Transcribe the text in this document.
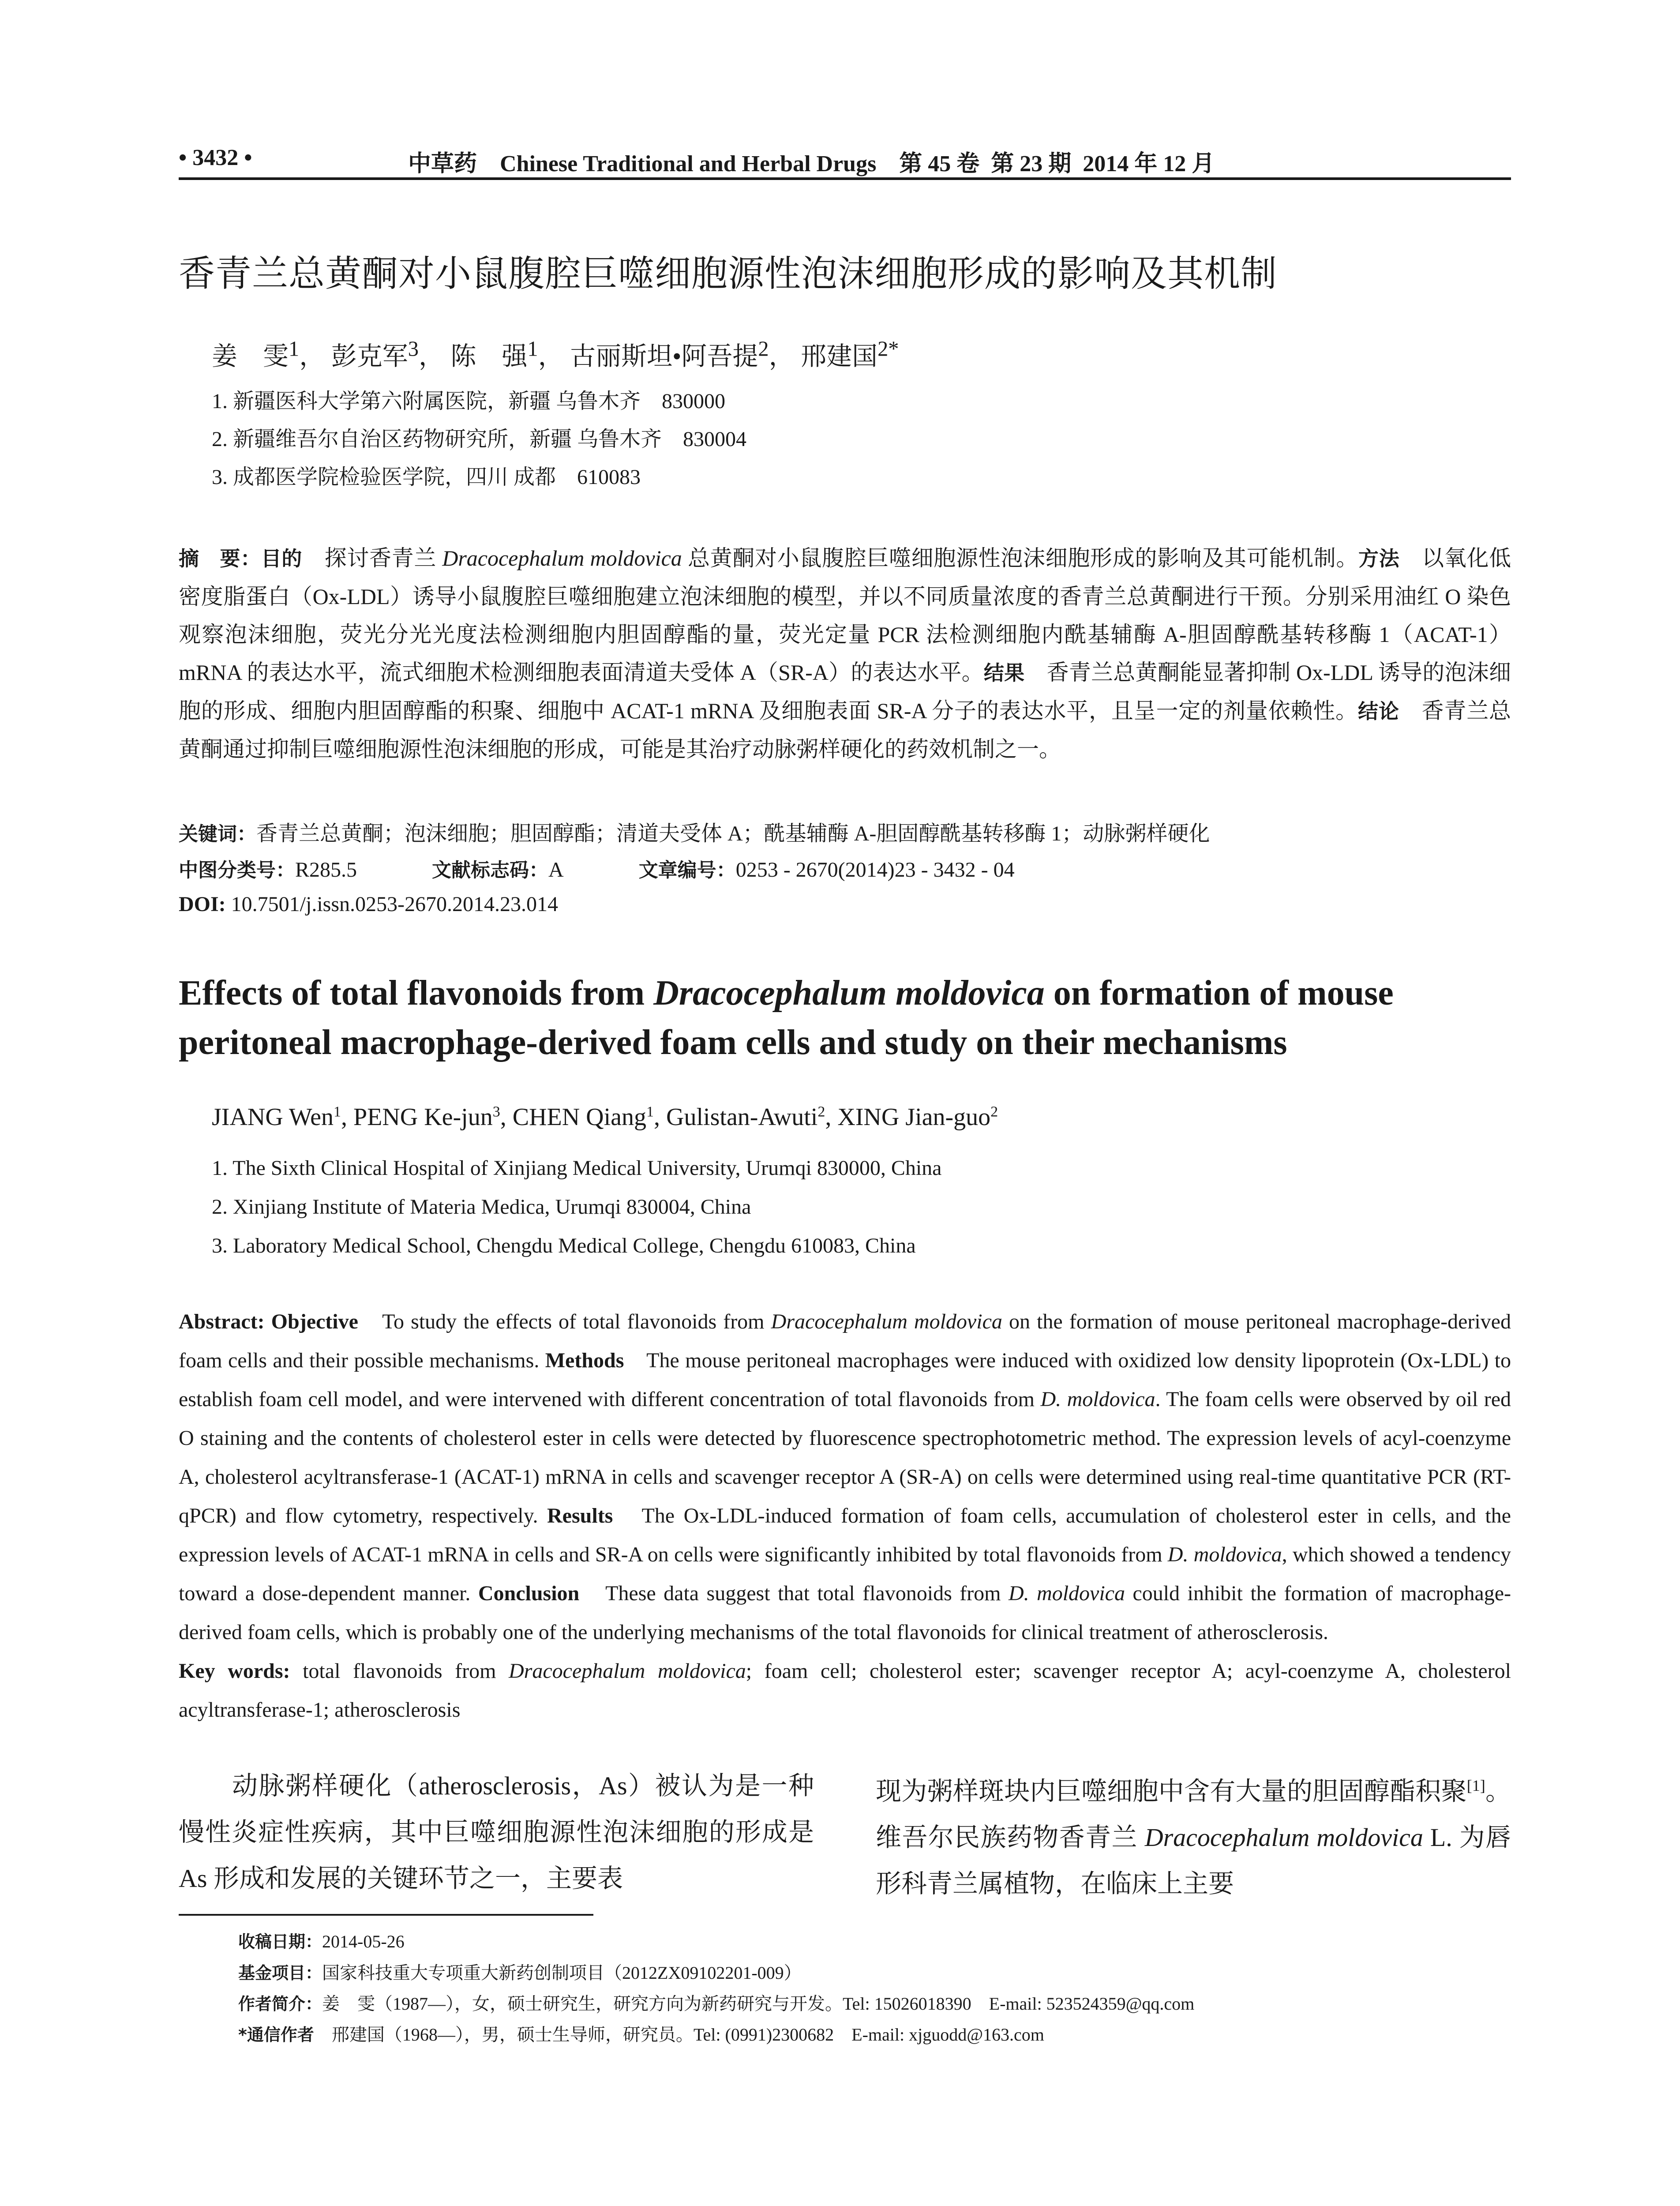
• 3432 •	中草药    Chinese Traditional and Herbal Drugs    第 45 卷  第 23 期  2014 年 12 月
香青兰总黄酮对小鼠腹腔巨噬细胞源性泡沫细胞形成的影响及其机制
姜　雯$^1$， 彭克军$^3$， 陈　强$^1$， 古丽斯坦•阿吾提$^2$， 邢建国$^{2*}$
1. 新疆医科大学第六附属医院，新疆 乌鲁木齐　830000
2. 新疆维吾尔自治区药物研究所，新疆 乌鲁木齐　830004
3. 成都医学院检验医学院，四川 成都　610083
摘　要：目的　探讨香青兰 Dracocephalum moldovica 总黄酮对小鼠腹腔巨噬细胞源性泡沫细胞形成的影响及其可能机制。方法　以氧化低密度脂蛋白（Ox-LDL）诱导小鼠腹腔巨噬细胞建立泡沫细胞的模型，并以不同质量浓度的香青兰总黄酮进行干预。分别采用油红 O 染色观察泡沫细胞，荧光分光光度法检测细胞内胆固醇酯的量，荧光定量 PCR 法检测细胞内酰基辅酶 A-胆固醇酰基转移酶 1（ACAT-1）mRNA 的表达水平，流式细胞术检测细胞表面清道夫受体 A（SR-A）的表达水平。结果　香青兰总黄酮能显著抑制 Ox-LDL 诱导的泡沫细胞的形成、细胞内胆固醇酯的积聚、细胞中 ACAT-1 mRNA 及细胞表面 SR-A 分子的表达水平，且呈一定的剂量依赖性。结论　香青兰总黄酮通过抑制巨噬细胞源性泡沫细胞的形成，可能是其治疗动脉粥样硬化的药效机制之一。
关键词：香青兰总黄酮；泡沫细胞；胆固醇酯；清道夫受体 A；酰基辅酶 A-胆固醇酰基转移酶 1；动脉粥样硬化
中图分类号：R285.5	文献标志码：A	文章编号：0253 - 2670(2014)23 - 3432 - 04
DOI: 10.7501/j.issn.0253-2670.2014.23.014
Effects of total flavonoids from Dracocephalum moldovica on formation of mouse peritoneal macrophage-derived foam cells and study on their mechanisms
JIANG Wen$^1$, PENG Ke-jun$^3$, CHEN Qiang$^1$, Gulistan-Awuti$^2$, XING Jian-guo$^2$
1. The Sixth Clinical Hospital of Xinjiang Medical University, Urumqi 830000, China
2. Xinjiang Institute of Materia Medica, Urumqi 830004, China
3. Laboratory Medical School, Chengdu Medical College, Chengdu 610083, China
Abstract: Objective　To study the effects of total flavonoids from Dracocephalum moldovica on the formation of mouse peritoneal macrophage-derived foam cells and their possible mechanisms. Methods　The mouse peritoneal macrophages were induced with oxidized low density lipoprotein (Ox-LDL) to establish foam cell model, and were intervened with different concentration of total flavonoids from D. moldovica. The foam cells were observed by oil red O staining and the contents of cholesterol ester in cells were detected by fluorescence spectrophotometric method. The expression levels of acyl-coenzyme A, cholesterol acyltransferase-1 (ACAT-1) mRNA in cells and scavenger receptor A (SR-A) on cells were determined using real-time quantitative PCR (RT-qPCR) and flow cytometry, respectively. Results　The Ox-LDL-induced formation of foam cells, accumulation of cholesterol ester in cells, and the expression levels of ACAT-1 mRNA in cells and SR-A on cells were significantly inhibited by total flavonoids from D. moldovica, which showed a tendency toward a dose-dependent manner. Conclusion　These data suggest that total flavonoids from D. moldovica could inhibit the formation of macrophage-derived foam cells, which is probably one of the underlying mechanisms of the total flavonoids for clinical treatment of atherosclerosis.
Key words: total flavonoids from Dracocephalum moldovica; foam cell; cholesterol ester; scavenger receptor A; acyl-coenzyme A, cholesterol acyltransferase-1; atherosclerosis
　　动脉粥样硬化（atherosclerosis，As）被认为是一种慢性炎症性疾病，其中巨噬细胞源性泡沫细胞的形成是 As 形成和发展的关键环节之一，主要表
现为粥样斑块内巨噬细胞中含有大量的胆固醇酯积聚[1]。维吾尔民族药物香青兰 Dracocephalum moldovica L. 为唇形科青兰属植物，在临床上主要
收稿日期：2014-05-26
基金项目：国家科技重大专项重大新药创制项目（2012ZX09102201-009）
作者简介：姜　雯（1987—），女，硕士研究生，研究方向为新药研究与开发。Tel: 15026018390　E-mail: 523524359@qq.com
*通信作者　邢建国（1968—），男，硕士生导师，研究员。Tel: (0991)2300682　E-mail: xjguodd@163.com
